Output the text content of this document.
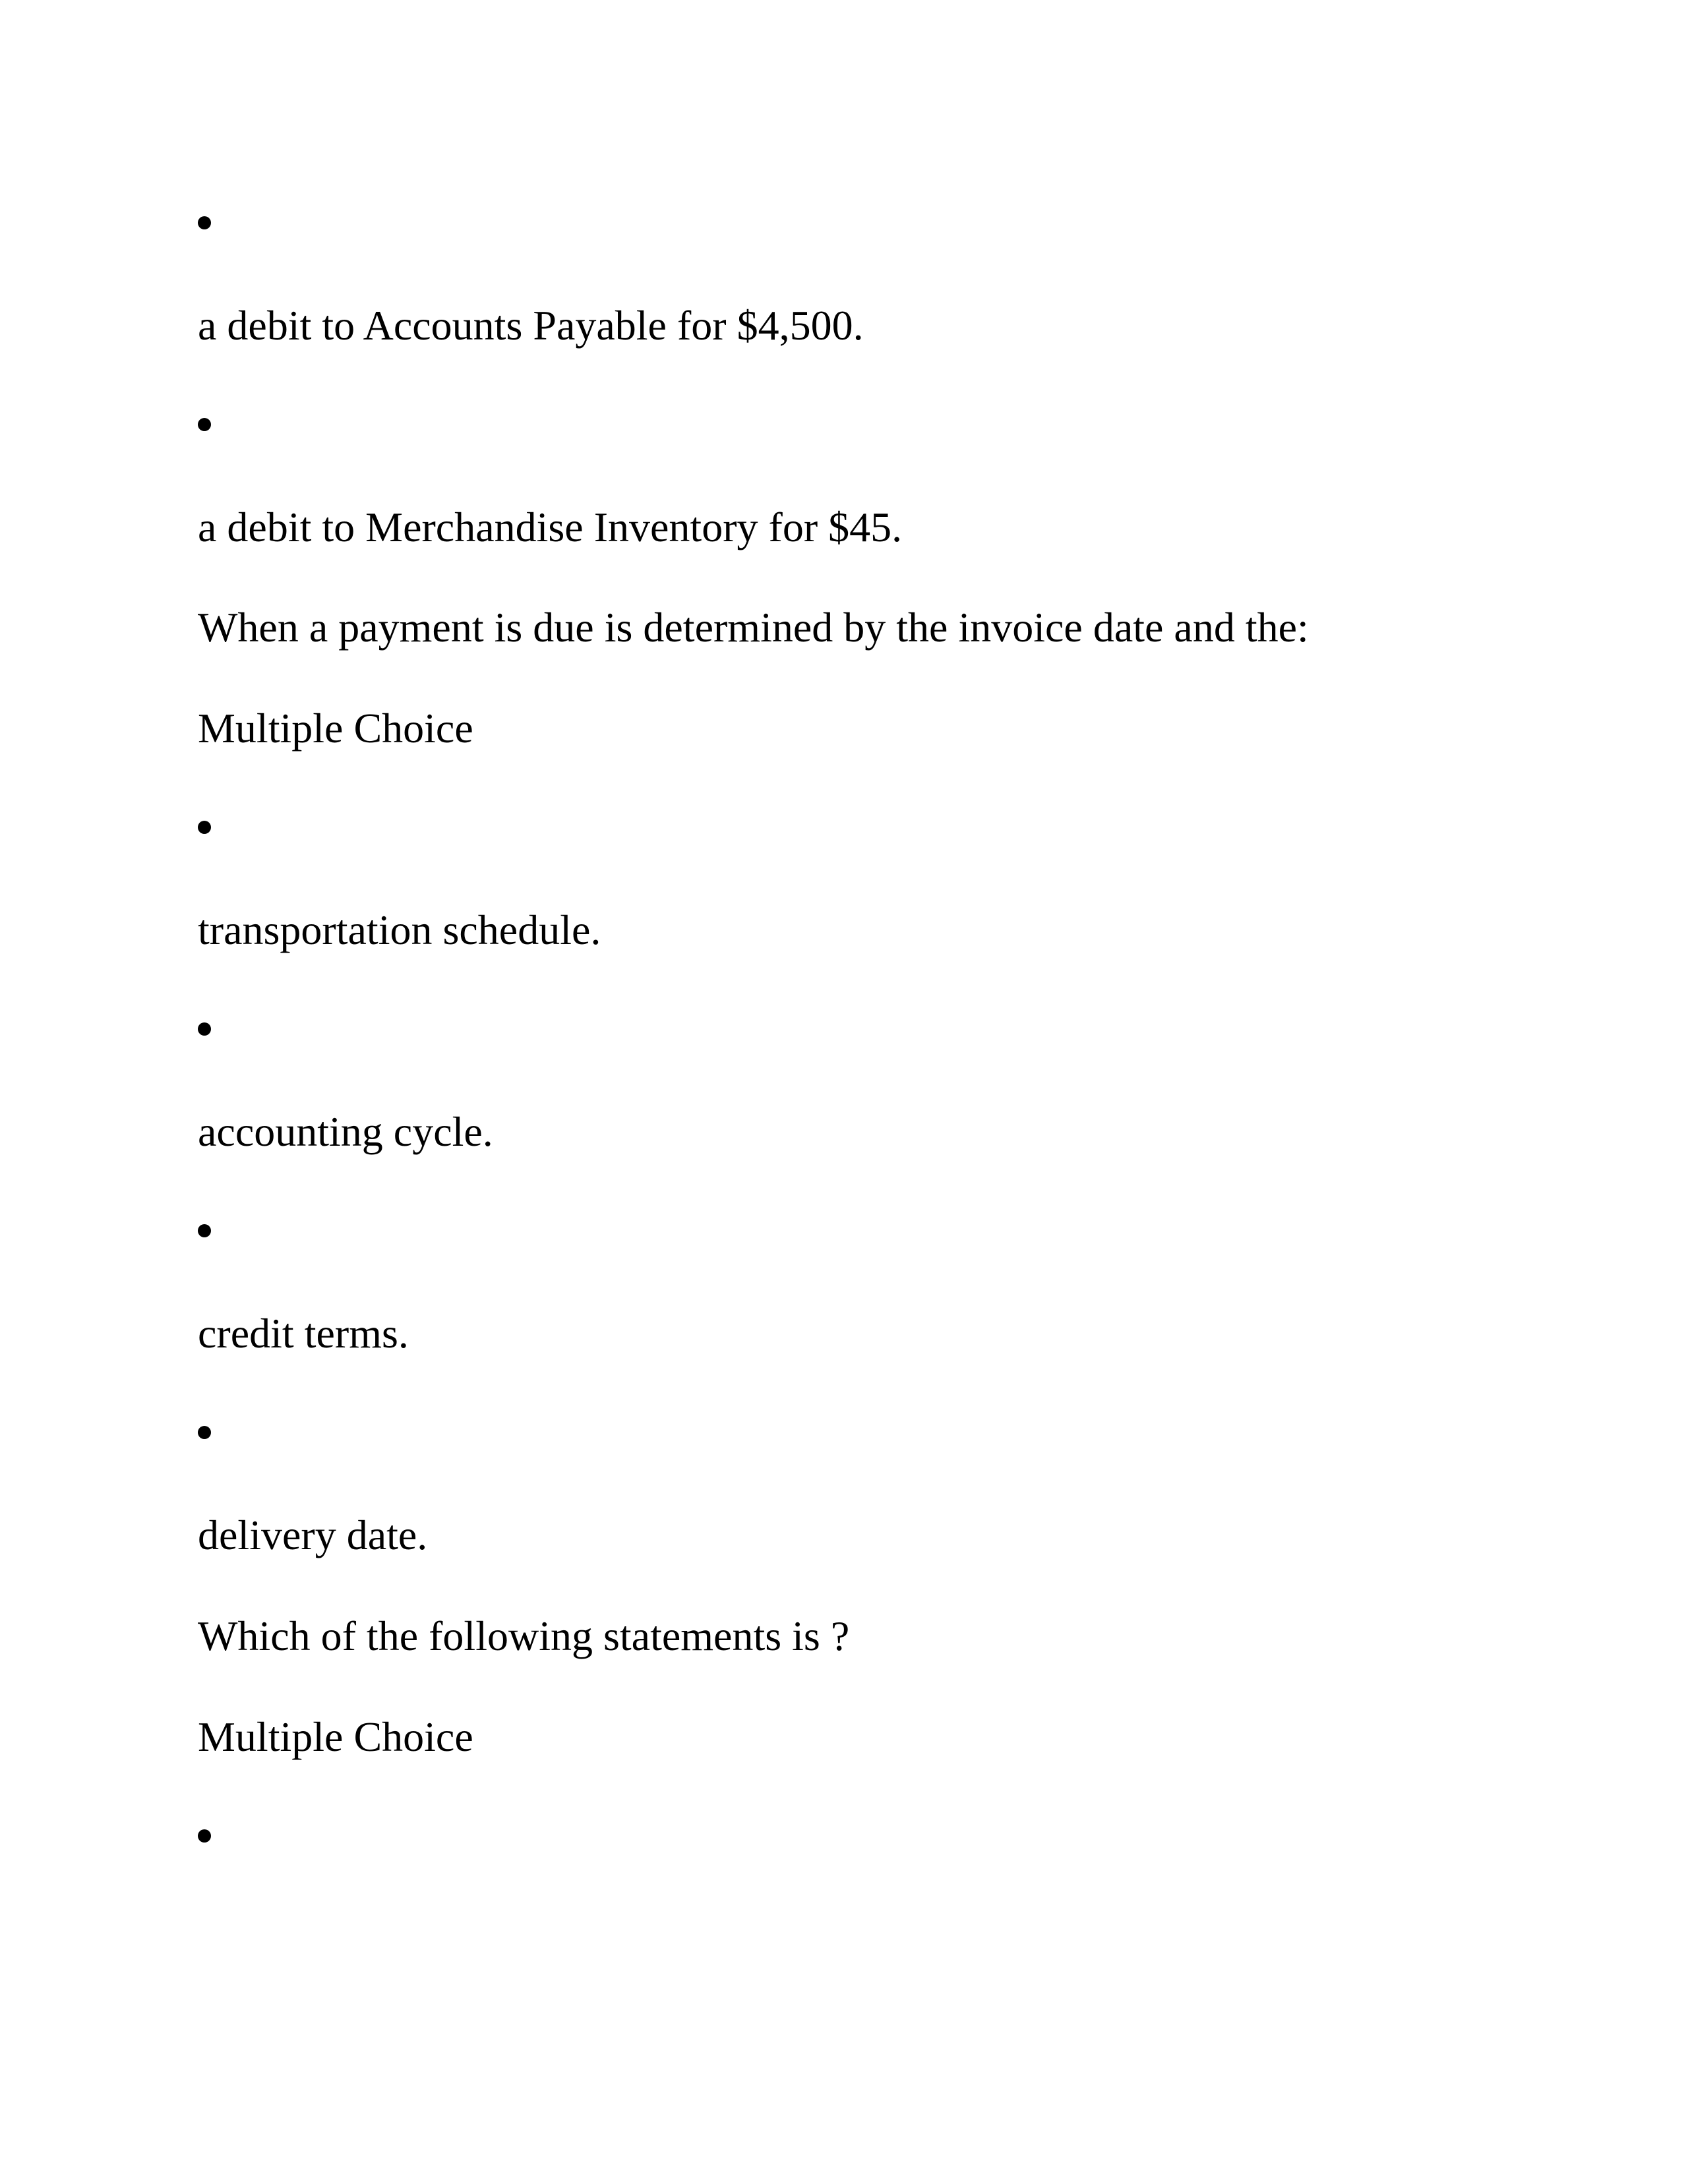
a debit to Accounts Payable for $4,500.
a debit to Merchandise Inventory for $45.
When a payment is due is determined by the invoice date and the:
Multiple Choice
transportation schedule.
accounting cycle.
credit terms.
delivery date.
Which of the following statements is ?
Multiple Choice
